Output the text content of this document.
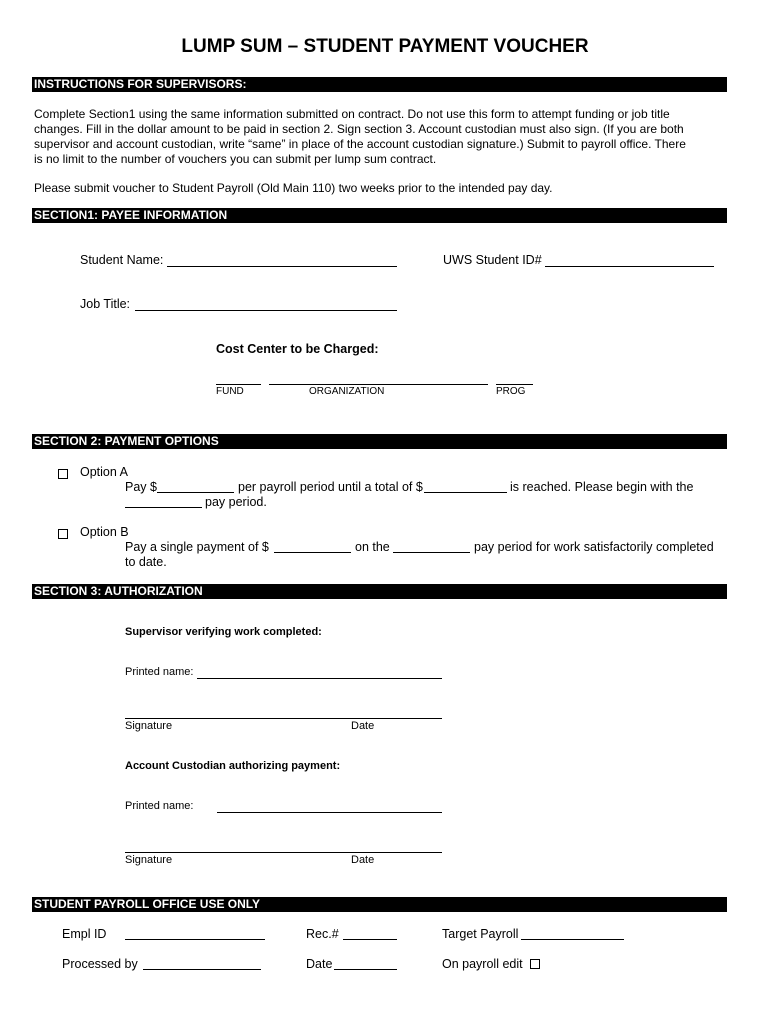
LUMP SUM – STUDENT PAYMENT VOUCHER
INSTRUCTIONS FOR SUPERVISORS:
Complete Section1 using the same information submitted on contract. Do not use this form to attempt funding or job title
changes. Fill in the dollar amount to be paid in section 2. Sign section 3. Account custodian must also sign. (If you are both
supervisor and account custodian, write “same” in place of the account custodian signature.) Submit to payroll office. There
is no limit to the number of vouchers you can submit per lump sum contract.
Please submit voucher to Student Payroll (Old Main 110) two weeks prior to the intended pay day.
SECTION1: PAYEE INFORMATION
Student Name:	UWS Student ID#
Job Title:
Cost Center to be Charged:
FUND	ORGANIZATION	PROG
SECTION 2: PAYMENT OPTIONS
Option A
Pay $	per payroll period until a total of $	is reached. Please begin with the
pay period.
Option B
Pay a single payment of $	on the	pay period for work satisfactorily completed
to date.
SECTION 3: AUTHORIZATION
Supervisor verifying work completed:
Printed name:
Signature	Date
Account Custodian authorizing payment:
Printed name:
Signature	Date
STUDENT PAYROLL OFFICE USE ONLY
Empl ID	Rec.#	Target Payroll
Processed by	Date	On payroll edit
